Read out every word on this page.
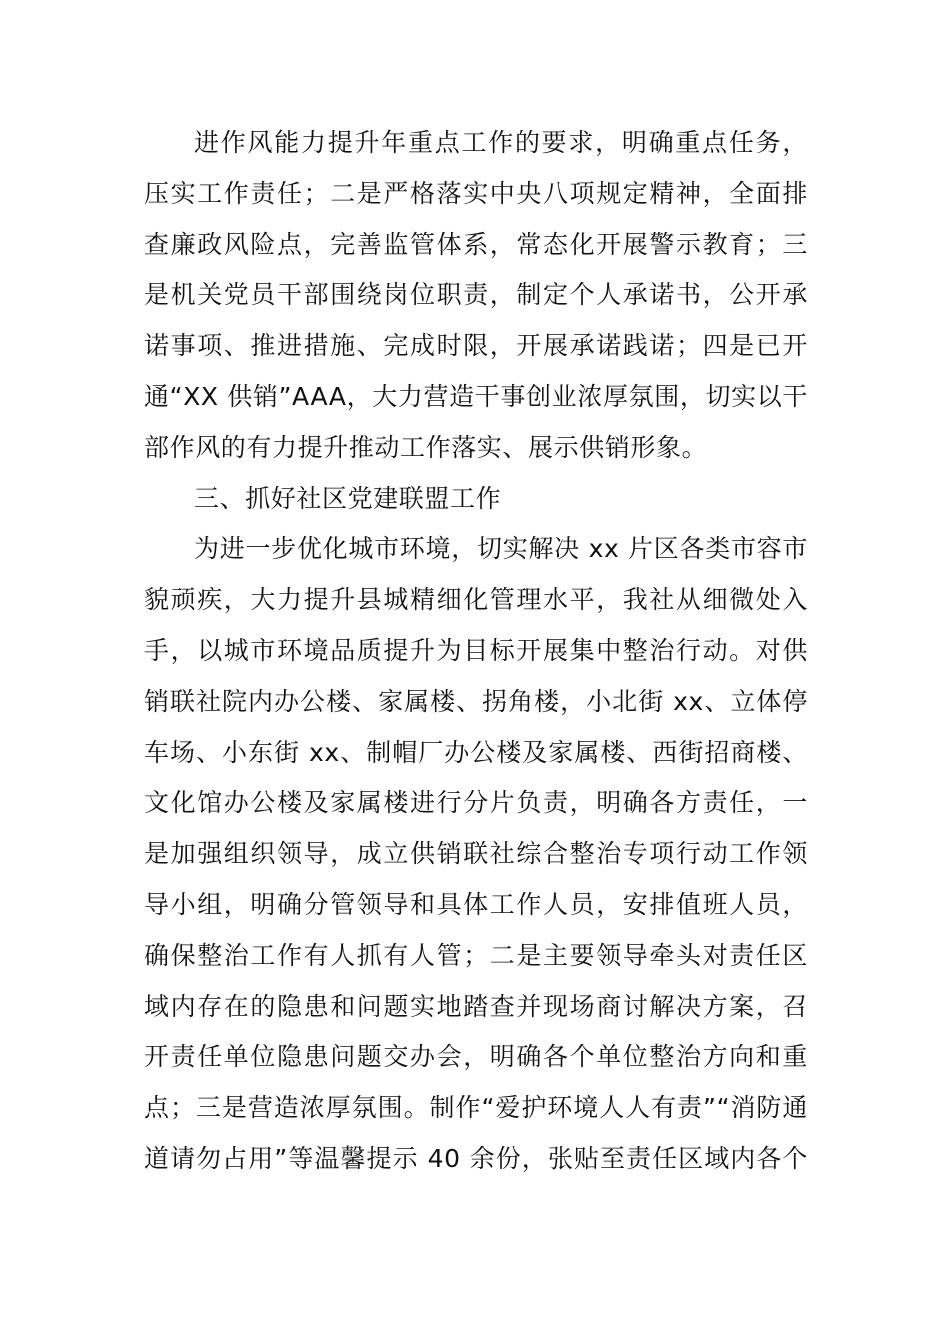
进作风能力提升年重点工作的要求，明确重点任务，
压实工作责任；二是严格落实中央八项规定精神，全面排
查廉政风险点，完善监管体系，常态化开展警示教育；三
是机关党员干部围绕岗位职责，制定个人承诺书，公开承
诺事项、推进措施、完成时限，开展承诺践诺；四是已开
通“XX 供销”AAA，大力营造干事创业浓厚氛围，切实以干
部作风的有力提升推动工作落实、展示供销形象。
三、抓好社区党建联盟工作
为进一步优化城市环境，切实解决 xx 片区各类市容市
貌顽疾，大力提升县城精细化管理水平，我社从细微处入
手，以城市环境品质提升为目标开展集中整治行动。对供
销联社院内办公楼、家属楼、拐角楼，小北街 xx、立体停
车场、小东街 xx、制帽厂办公楼及家属楼、西街招商楼、
文化馆办公楼及家属楼进行分片负责，明确各方责任，一
是加强组织领导，成立供销联社综合整治专项行动工作领
导小组，明确分管领导和具体工作人员，安排值班人员，
确保整治工作有人抓有人管；二是主要领导牵头对责任区
域内存在的隐患和问题实地踏查并现场商讨解决方案，召
开责任单位隐患问题交办会，明确各个单位整治方向和重
点；三是营造浓厚氛围。制作“爱护环境人人有责”“消防通
道请勿占用”等温馨提示 40 余份，张贴至责任区域内各个
